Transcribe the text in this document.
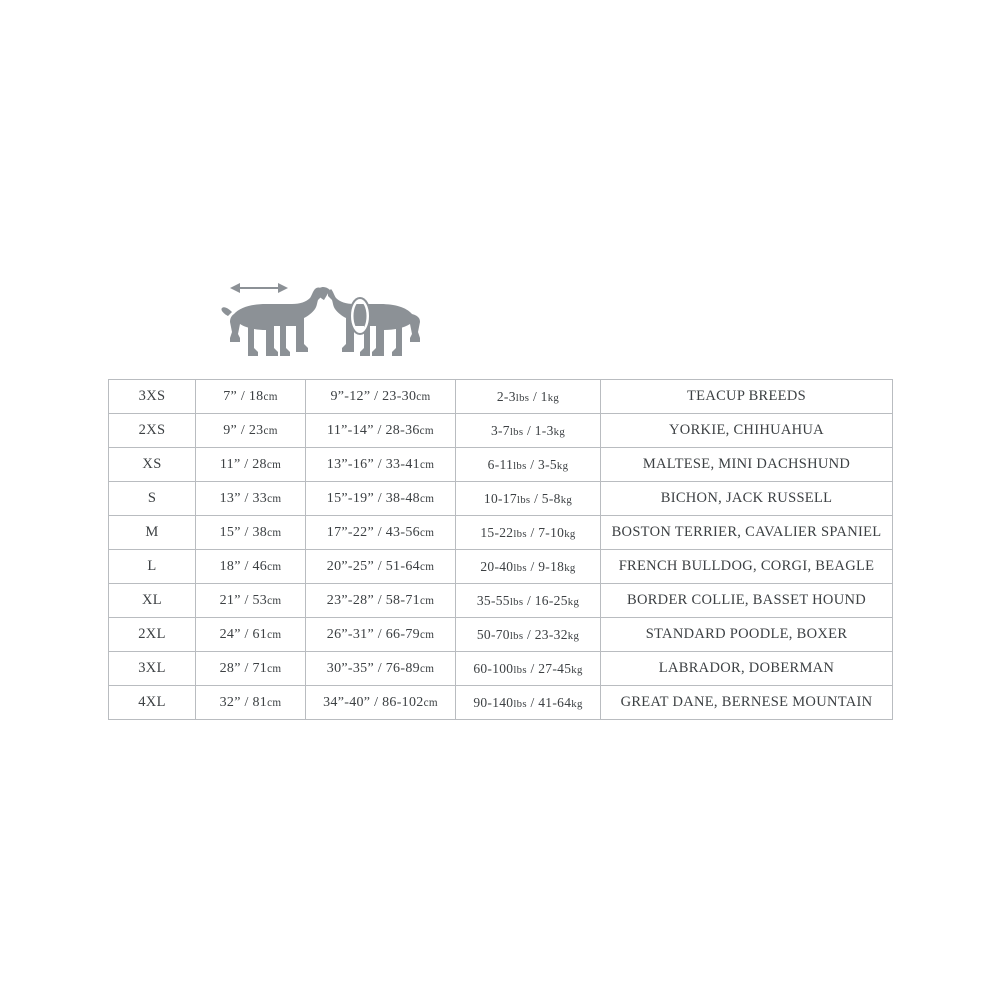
3XS	7” / 18cm	9”-12” / 23-30cm	2-3lbs / 1kg	TEACUP BREEDS
2XS	9” / 23cm	11”-14” / 28-36cm	3-7lbs / 1-3kg	YORKIE, CHIHUAHUA
XS	11” / 28cm	13”-16” / 33-41cm	6-11lbs / 3-5kg	MALTESE, MINI DACHSHUND
S	13” / 33cm	15”-19” / 38-48cm	10-17lbs / 5-8kg	BICHON, JACK RUSSELL
M	15” / 38cm	17”-22” / 43-56cm	15-22lbs / 7-10kg	BOSTON TERRIER, CAVALIER SPANIEL
L	18” / 46cm	20”-25” / 51-64cm	20-40lbs / 9-18kg	FRENCH BULLDOG, CORGI, BEAGLE
XL	21” / 53cm	23”-28” / 58-71cm	35-55lbs / 16-25kg	BORDER COLLIE, BASSET HOUND
2XL	24” / 61cm	26”-31” / 66-79cm	50-70lbs / 23-32kg	STANDARD POODLE, BOXER
3XL	28” / 71cm	30”-35” / 76-89cm	60-100lbs / 27-45kg	LABRADOR, DOBERMAN
4XL	32” / 81cm	34”-40” / 86-102cm	90-140lbs / 41-64kg	GREAT DANE, BERNESE MOUNTAIN
